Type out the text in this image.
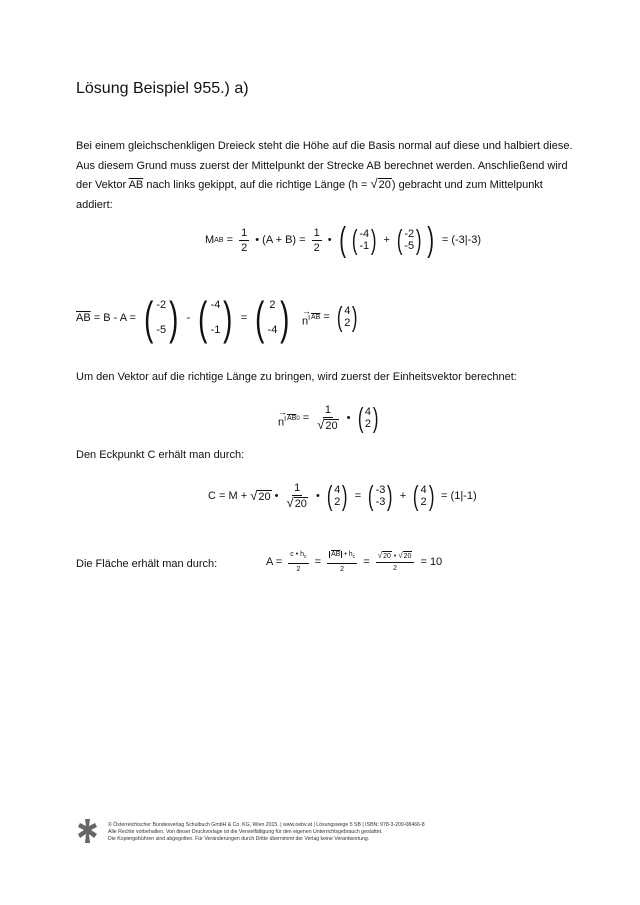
Lösung Beispiel 955.) a)

Bei einem gleichschenkligen Dreieck steht die Höhe auf die Basis normal auf diese und halbiert diese.

Aus diesem Grund muss zuerst der Mittelpunkt der Strecke AB berechnet werden. Anschließend wird

der Vektor $\overline{AB}$ nach links gekippt, auf die richtige Länge (h = √ 20 ) gebracht und zum Mittelpunkt

addiert:

M AB = $\frac{1}{2}$ • $(A + B) = \frac{1}{2}$ • ( ( -4
-1 ) + ( -2
-5 ) ) = (-3|-3)
$\overline{AB} = B - A$ = ( -2
-5 ) - ( -4
-1 ) = ( 2
-4 ) →
$n^I$ $\overline{AB}$ = ( 4
2 )
Um den Vektor auf die richtige Länge zu bringen, wird zuerst der Einheitsvektor berechnet:
→
$n^I$ $\overline{AB}0 = \frac{1}{√ 20}$ • ( 4
2 )
Den Eckpunkt C erhält man durch:
C = M + √ 20 • $\frac{1}{√ 20}$ • ( 4
2 ) = ( -3
-3 ) + ( 4
2 ) = (1|-1)
Die Fläche erhält man durch:	$A = \frac{c • h_c}{2} = \frac{\overline{AB} • h_c}{2} = \frac{√ 20 • √ 20}{2} = 10$

© Österreichischer Bundesverlag Schulbuch GmbH & Co. KG, Wien 2015. | www.oebv.at | Lösungswege 5 SB | ISBN: 978-3-209-08466-8

Alle Rechte vorbehalten. Von dieser Druckvorlage ist die Vervielfältigung für den eigenen Unterrichtsgebrauch gestattet.

Die Kopiergebühren sind abgegolten. Für Veränderungen durch Dritte übernimmt der Verlag keine Verantwortung.
